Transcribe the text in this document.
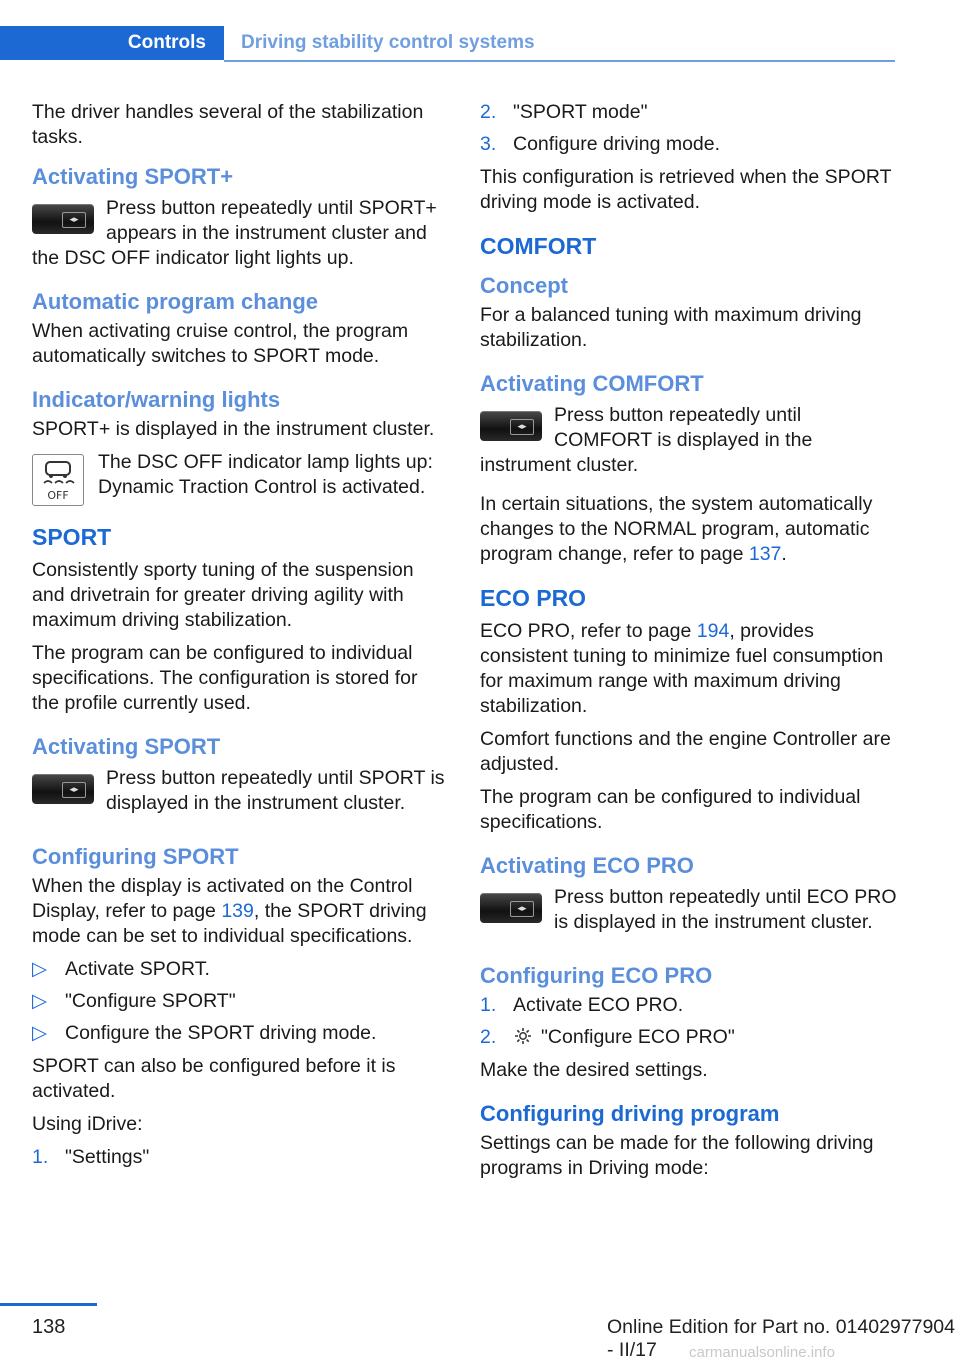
Controls	Driving stability control systems

The driver handles several of the stabilization tasks.

Activating SPORT+
◂▸

Press button repeatedly until SPORT+ appears in the instrument cluster and the DSC OFF indicator light lights up.

Automatic program change

When activating cruise control, the program automatically switches to SPORT mode.

Indicator/warning lights

SPORT+ is displayed in the instrument cluster.

OFF

The DSC OFF indicator lamp lights up: Dynamic Traction Control is activated.

SPORT

Consistently sporty tuning of the suspension and drivetrain for greater driving agility with maximum driving stabilization.

The program can be configured to individual specifications. The configuration is stored for the profile currently used.

Activating SPORT
◂▸

Press button repeatedly until SPORT is displayed in the instrument cluster.

Configuring SPORT

When the display is activated on the Control Display, refer to page 139, the SPORT driving mode can be set to individual specifications.

▷ Activate SPORT.
▷ "Configure SPORT"
▷ Configure the SPORT driving mode.

SPORT can also be configured before it is activated.

Using iDrive:

1. "Settings"
2. "SPORT mode"
3. Configure driving mode.

This configuration is retrieved when the SPORT driving mode is activated.

COMFORT
Concept

For a balanced tuning with maximum driving stabilization.

Activating COMFORT
◂▸

Press button repeatedly until COMFORT is displayed in the instrument cluster.

In certain situations, the system automatically changes to the NORMAL program, automatic program change, refer to page 137.

ECO PRO

ECO PRO, refer to page 194, provides consistent tuning to minimize fuel consumption for maximum range with maximum driving stabilization.

Comfort functions and the engine Controller are adjusted.

The program can be configured to individual specifications.

Activating ECO PRO
◂▸

Press button repeatedly until ECO PRO is displayed in the instrument cluster.

Configuring ECO PRO
1. Activate ECO PRO.
2. "Configure ECO PRO"

Make the desired settings.

Configuring driving program

Settings can be made for the following driving programs in Driving mode:

138	Online Edition for Part no. 01402977904 - II/17	carmanualsonline.info
